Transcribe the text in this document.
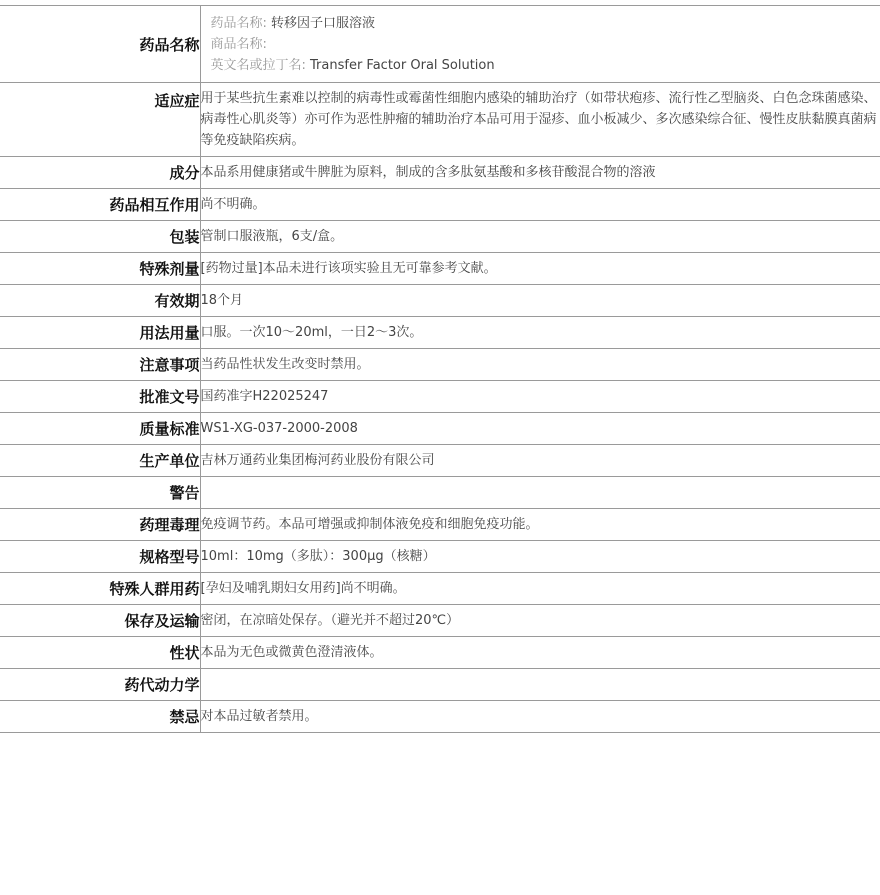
药品名称	药品名称: 转移因子口服溶液
商品名称:
英文名或拉丁名: Transfer Factor Oral Solution

适应症	用于某些抗生素难以控制的病毒性或霉菌性细胞内感染的辅助治疗（如带状疱疹、流行性乙型脑炎、白色念珠菌感染、病毒性心肌炎等）亦可作为恶性肿瘤的辅助治疗本品可用于湿疹、血小板减少、多次感染综合征、慢性皮肤黏膜真菌病等免疫缺陷疾病。
成分	本品系用健康猪或牛脾脏为原料，制成的含多肽氨基酸和多核苷酸混合物的溶液
药品相互作用	尚不明确。
包装	管制口服液瓶，6支/盒。
特殊剂量	[药物过量]本品未进行该项实验且无可靠参考文献。
有效期	18个月
用法用量	口服。一次10～20ml，一日2～3次。
注意事项	当药品性状发生改变时禁用。
批准文号	国药准字H22025247
质量标准	WS1-XG-037-2000-2008
生产单位	吉林万通药业集团梅河药业股份有限公司
警告	
药理毒理	免疫调节药。本品可增强或抑制体液免疫和细胞免疫功能。
规格型号	10ml：10mg（多肽）：300μg（核糖）
特殊人群用药	[孕妇及哺乳期妇女用药]尚不明确。
保存及运输	密闭，在凉暗处保存。（避光并不超过20℃）
性状	本品为无色或微黄色澄清液体。
药代动力学	
禁忌	对本品过敏者禁用。
